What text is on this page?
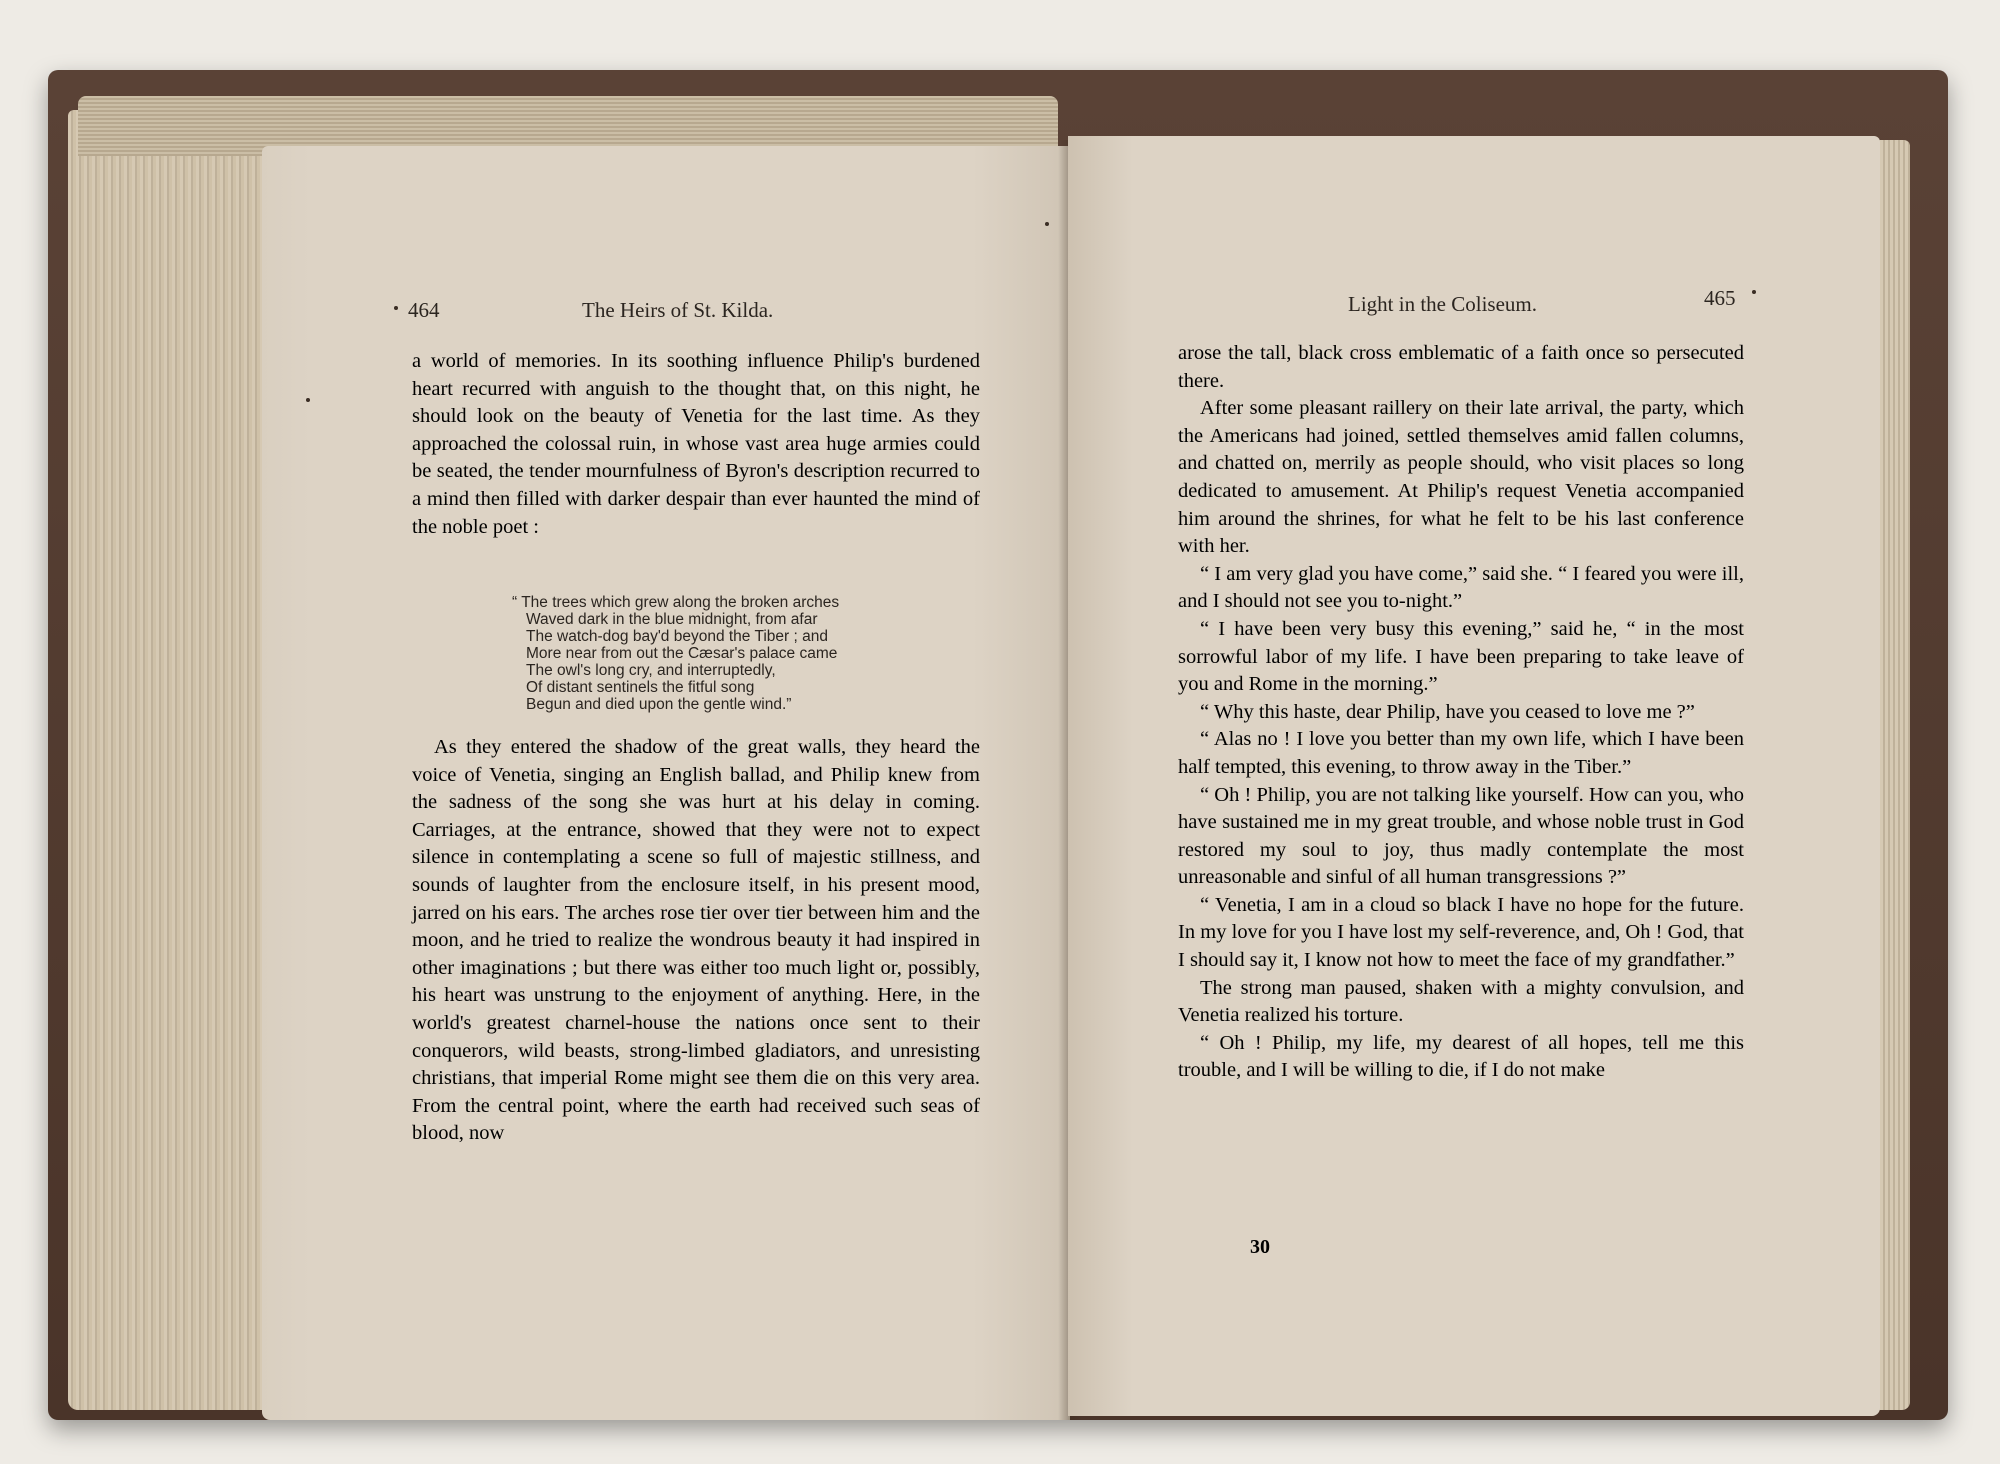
464	The Heirs of St. Kilda.

a world of memories. In its soothing influence Philip's burdened heart recurred with anguish to the thought that, on this night, he should look on the beauty of Venetia for the last time. As they approached the colossal ruin, in whose vast area huge armies could be seated, the tender mournfulness of Byron's description recurred to a mind then filled with darker despair than ever haunted the mind of the noble poet :

“ The trees which grew along the broken arches
Waved dark in the blue midnight, from afar
The watch-dog bay'd beyond the Tiber ; and
More near from out the Cæsar's palace came
The owl's long cry, and interruptedly,
Of distant sentinels the fitful song
Begun and died upon the gentle wind.”

As they entered the shadow of the great walls, they heard the voice of Venetia, singing an English ballad, and Philip knew from the sadness of the song she was hurt at his delay in coming. Carriages, at the entrance, showed that they were not to expect silence in contemplating a scene so full of majestic stillness, and sounds of laughter from the enclosure itself, in his present mood, jarred on his ears. The arches rose tier over tier between him and the moon, and he tried to realize the wondrous beauty it had inspired in other imaginations ; but there was either too much light or, possibly, his heart was unstrung to the enjoyment of anything. Here, in the world's greatest charnel-house the nations once sent to their conquerors, wild beasts, strong-limbed gladiators, and unresisting christians, that imperial Rome might see them die on this very area. From the central point, where the earth had received such seas of blood, now

Light in the Coliseum.	465

arose the tall, black cross emblematic of a faith once so persecuted there.

After some pleasant raillery on their late arrival, the party, which the Americans had joined, settled themselves amid fallen columns, and chatted on, merrily as people should, who visit places so long dedicated to amusement. At Philip's request Venetia accompanied him around the shrines, for what he felt to be his last conference with her.

“ I am very glad you have come,” said she. “ I feared you were ill, and I should not see you to-night.”

“ I have been very busy this evening,” said he, “ in the most sorrowful labor of my life. I have been preparing to take leave of you and Rome in the morning.”

“ Why this haste, dear Philip, have you ceased to love me ?”

“ Alas no ! I love you better than my own life, which I have been half tempted, this evening, to throw away in the Tiber.”

“ Oh ! Philip, you are not talking like yourself. How can you, who have sustained me in my great trouble, and whose noble trust in God restored my soul to joy, thus madly contemplate the most unreasonable and sinful of all human transgressions ?”

“ Venetia, I am in a cloud so black I have no hope for the future. In my love for you I have lost my self-reverence, and, Oh ! God, that I should say it, I know not how to meet the face of my grandfather.”

The strong man paused, shaken with a mighty convulsion, and Venetia realized his torture.

“ Oh ! Philip, my life, my dearest of all hopes, tell me this trouble, and I will be willing to die, if I do not make

30
